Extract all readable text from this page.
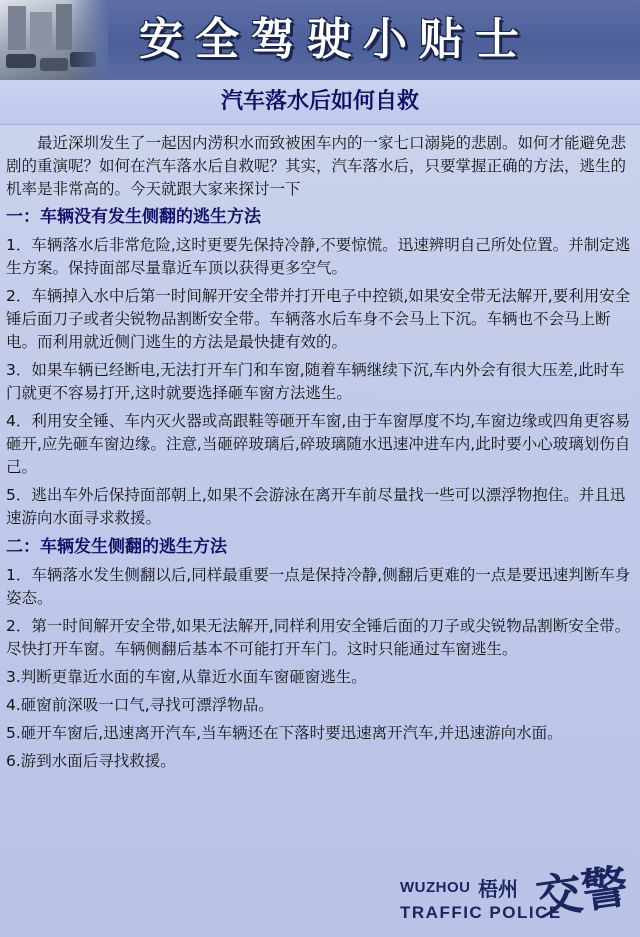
安全驾驶小贴士
汽车落水后如何自救

最近深圳发生了一起因内涝积水而致被困车内的一家七口溺毙的悲剧。如何才能避免悲剧的重演呢？如何在汽车落水后自救呢？其实，汽车落水后，只要掌握正确的方法，逃生的机率是非常高的。今天就跟大家来探讨一下

一：车辆没有发生侧翻的逃生方法

1．车辆落水后非常危险,这时更要先保持冷静,不要惊慌。迅速辨明自己所处位置。并制定逃生方案。保持面部尽量靠近车顶以获得更多空气。

2．车辆掉入水中后第一时间解开安全带并打开电子中控锁,如果安全带无法解开,要利用安全锤后面刀子或者尖锐物品割断安全带。车辆落水后车身不会马上下沉。车辆也不会马上断电。而利用就近侧门逃生的方法是最快捷有效的。

3．如果车辆已经断电,无法打开车门和车窗,随着车辆继续下沉,车内外会有很大压差,此时车门就更不容易打开,这时就要选择砸车窗方法逃生。

4．利用安全锤、车内灭火器或高跟鞋等砸开车窗,由于车窗厚度不均,车窗边缘或四角更容易砸开,应先砸车窗边缘。注意,当砸碎玻璃后,碎玻璃随水迅速冲进车内,此时要小心玻璃划伤自己。

5．逃出车外后保持面部朝上,如果不会游泳在离开车前尽量找一些可以漂浮物抱住。并且迅速游向水面寻求救援。

二：车辆发生侧翻的逃生方法

1．车辆落水发生侧翻以后,同样最重要一点是保持冷静,侧翻后更难的一点是要迅速判断车身姿态。

2．第一时间解开安全带,如果无法解开,同样利用安全锤后面的刀子或尖锐物品割断安全带。尽快打开车窗。车辆侧翻后基本不可能打开车门。这时只能通过车窗逃生。

3.判断更靠近水面的车窗,从靠近水面车窗砸窗逃生。

4.砸窗前深吸一口气,寻找可漂浮物品。

5.砸开车窗后,迅速离开汽车,当车辆还在下落时要迅速离开汽车,并迅速游向水面。

6.游到水面后寻找救援。

WUZHOU 梧州
TRAFFIC POLICE
交警
